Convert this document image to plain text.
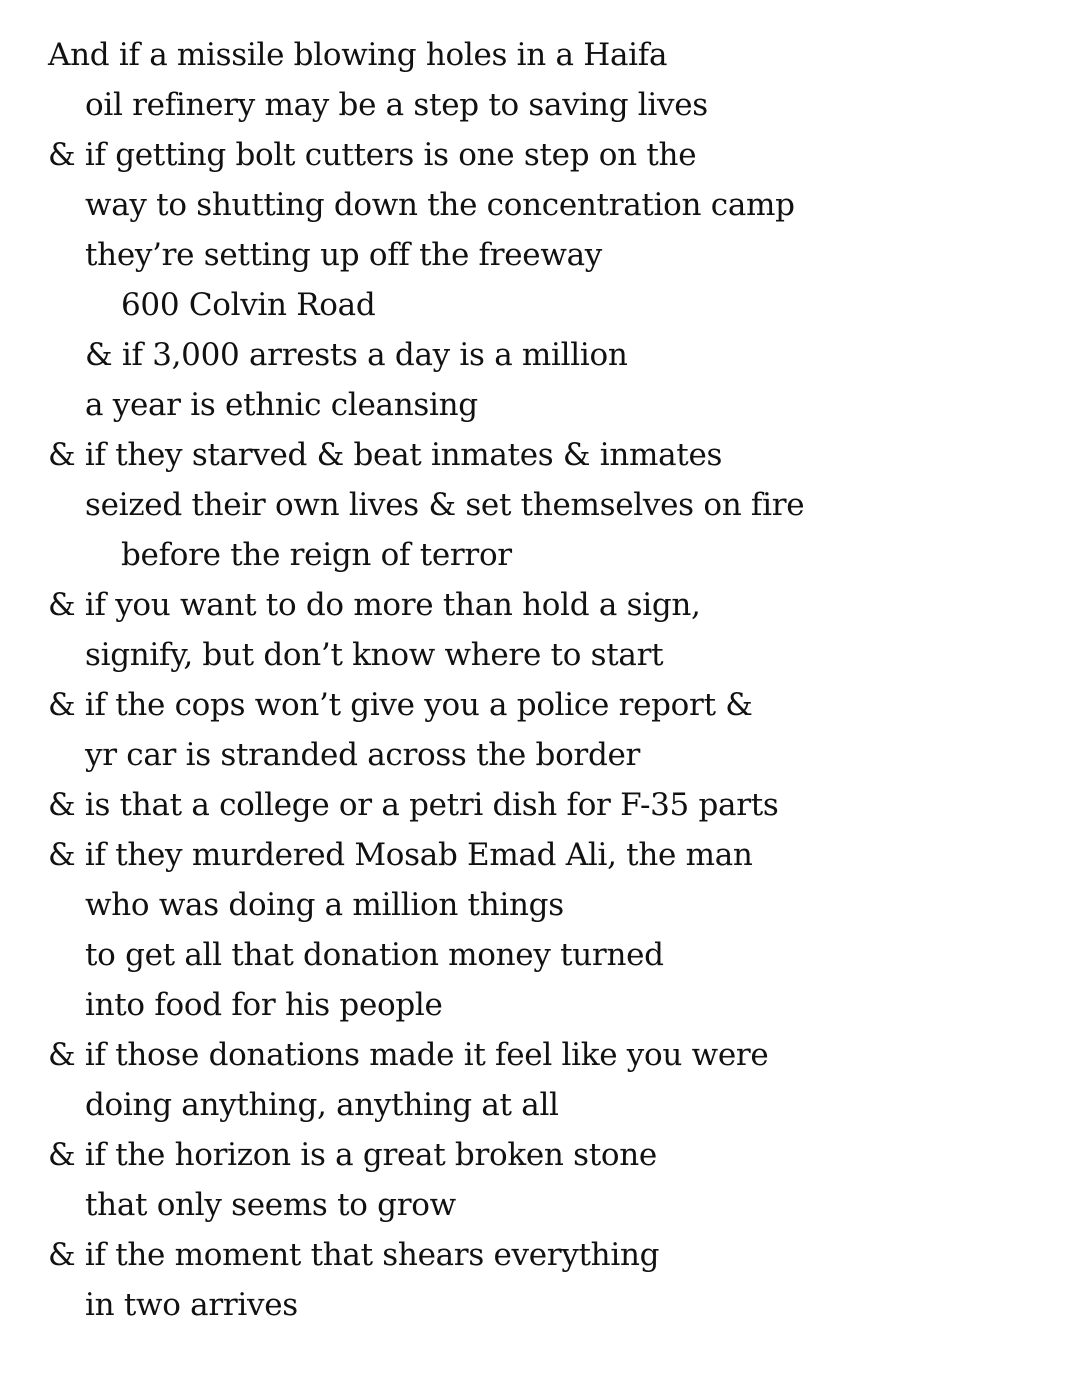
And if a missile blowing holes in a Haifa
oil refinery may be a step to saving lives
& if getting bolt cutters is one step on the
way to shutting down the concentration camp
they’re setting up off the freeway
600 Colvin Road
& if 3,000 arrests a day is a million
a year is ethnic cleansing
& if they starved & beat inmates & inmates
seized their own lives & set themselves on fire
before the reign of terror
& if you want to do more than hold a sign,
signify, but don’t know where to start
& if the cops won’t give you a police report &
yr car is stranded across the border
& is that a college or a petri dish for F-35 parts
& if they murdered Mosab Emad Ali, the man
who was doing a million things
to get all that donation money turned
into food for his people
& if those donations made it feel like you were
doing anything, anything at all
& if the horizon is a great broken stone
that only seems to grow
& if the moment that shears everything
in two arrives
